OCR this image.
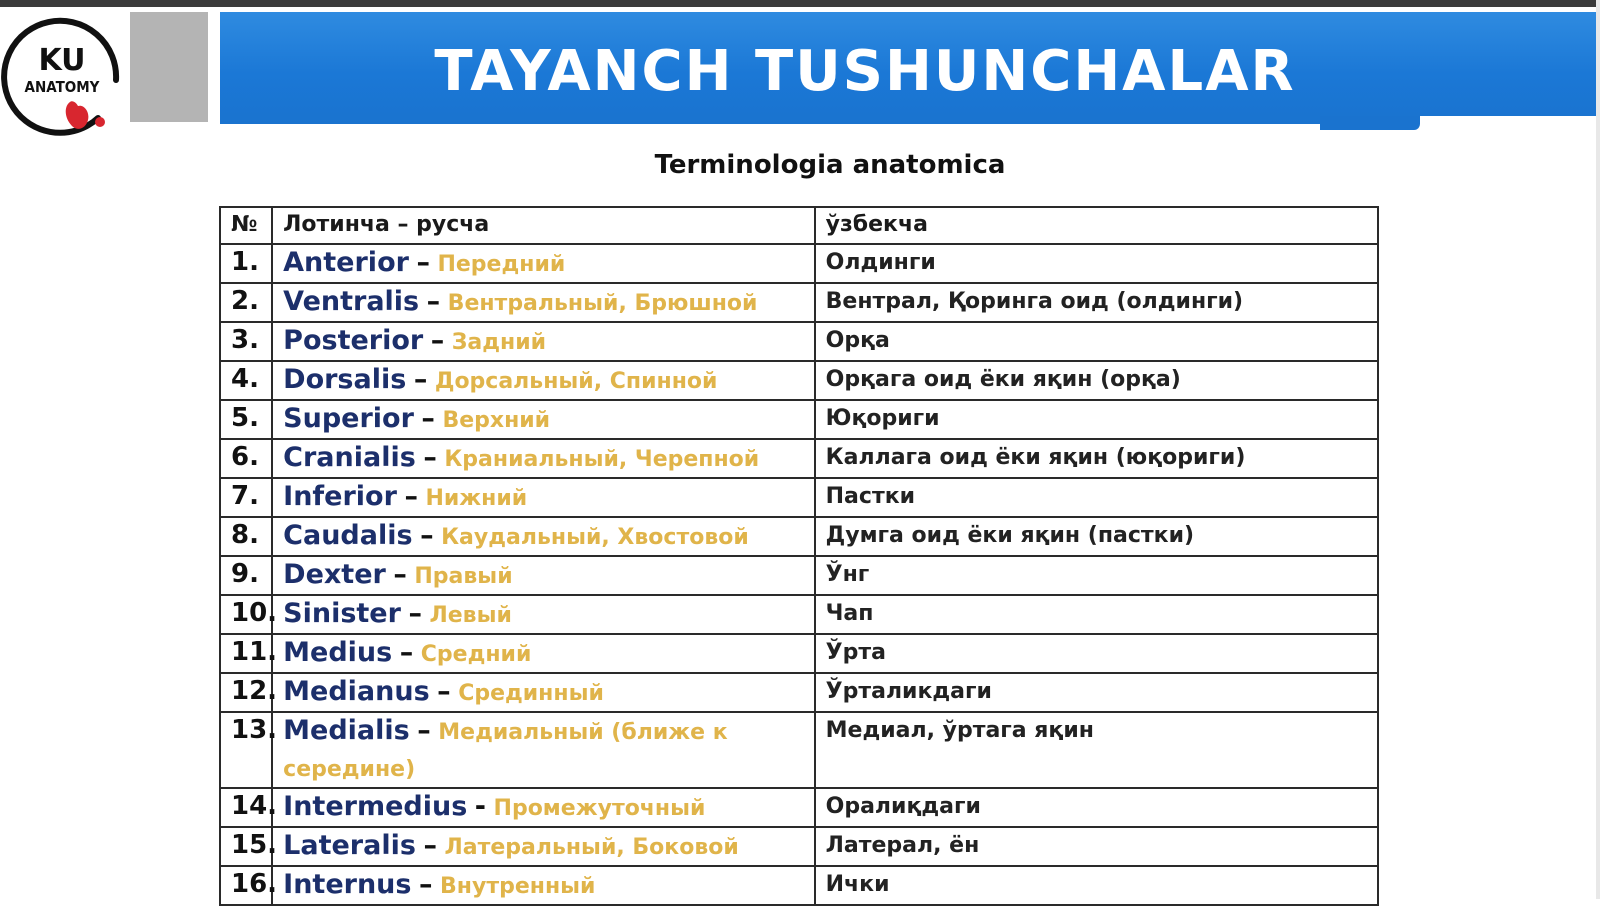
KU
ANATOMY	TAYANCH TUSHUNCHALAR
Terminologia anatomica
№	Лотинча – русча	ўзбекча
1.	Anterior – Передний	Олдинги
2.	Ventralis – Вентральный, Брюшной	Вентрал, Қоринга оид (олдинги)
3.	Posterior – Задний	Орқа
4.	Dorsalis – Дорсальный, Спинной	Орқага оид ёки яқин (орқа)
5.	Superior – Верхний	Юқориги
6.	Cranialis – Краниальный, Черепной	Каллага оид ёки яқин (юқориги)
7.	Inferior – Нижний	Пастки
8.	Caudalis – Каудальный, Хвостовой	Думга оид ёки яқин (пастки)
9.	Dexter – Правый	Ўнг
10.	Sinister – Левый	Чап
11.	Medius – Средний	Ўрта
12.	Medianus – Срединный	Ўрталикдаги
13.	Medialis – Медиальный (ближе к середине)	Медиал, ўртага яқин
14.	Intermedius - Промежуточный	Оралиқдаги
15.	Lateralis – Латеральный, Боковой	Латерал, ён
16.	Internus – Внутренный	Ички
